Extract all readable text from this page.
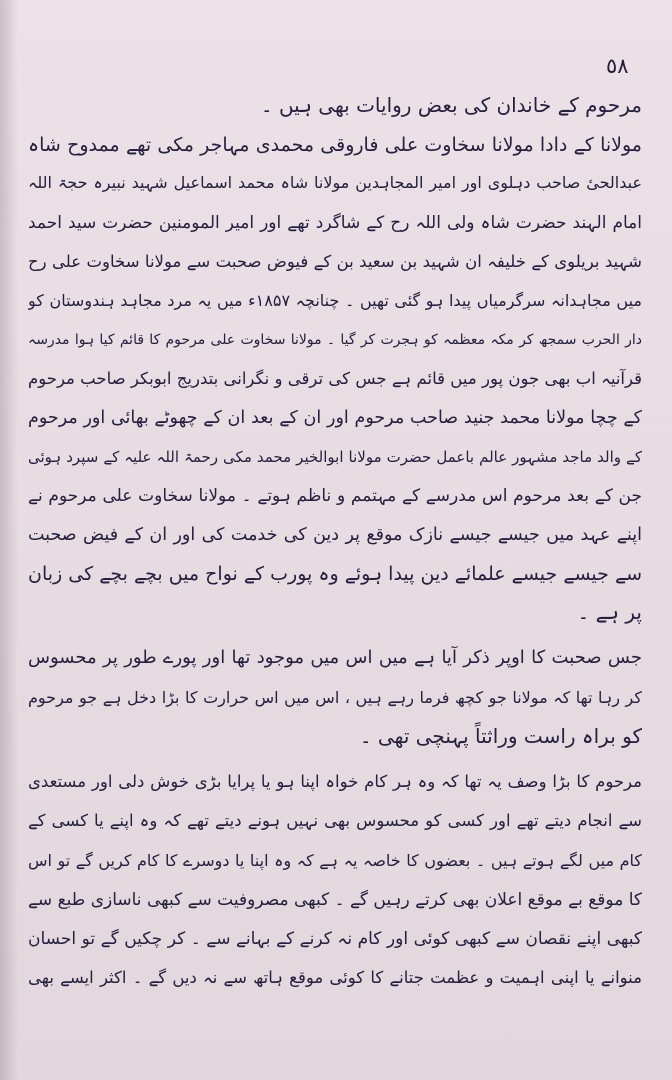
٥٨
مرحوم کے خاندان کی بعض روایات بھی ہیں ۔
مولانا کے دادا مولانا سخاوت علی فاروقی محمدی مہاجر مکی تھے ممدوح شاہ
عبدالحیٔ صاحب دہلوی اور امیر المجاہدین مولانا شاہ محمد اسماعیل شہید نبیرہ حجۃ اللہ
امام الہند حضرت شاہ ولی اللہ رح کے شاگرد تھے اور امیر المومنین حضرت سید احمد
شہید بریلوی کے خلیفہ ان شہید بن سعید بن کے فیوض صحبت سے مولانا سخاوت علی رح
میں مجاہدانہ سرگرمیاں پیدا ہو گئی تھیں ۔ چنانچہ ۱۸۵۷ء میں یہ مرد مجاہد ہندوستان کو
دار الحرب سمجھ کر مکہ معظمہ کو ہجرت کر گیا ۔ مولانا سخاوت علی مرحوم کا قائم کیا ہوا مدرسہ
قرآنیہ اب بھی جون پور میں قائم ہے جس کی ترقی و نگرانی بتدریج ابوبکر صاحب مرحوم
کے چچا مولانا محمد جنید صاحب مرحوم اور ان کے بعد ان کے چھوٹے بھائی اور مرحوم
کے والد ماجد مشہور عالم باعمل حضرت مولانا ابوالخیر محمد مکی رحمۃ اللہ علیہ کے سپرد ہوئی
جن کے بعد مرحوم اس مدرسے کے مہتمم و ناظم ہوتے ۔ مولانا سخاوت علی مرحوم نے
اپنے عہد میں جیسے جیسے نازک موقع پر دین کی خدمت کی اور ان کے فیض صحبت
سے جیسے جیسے علمائے دین پیدا ہوئے وہ پورب کے نواح میں بچے بچے کی زبان
پر ہے ۔
جس صحبت کا اوپر ذکر آیا ہے میں اس میں موجود تھا اور پورے طور پر محسوس
کر رہا تھا کہ مولانا جو کچھ فرما رہے ہیں ، اس میں اس حرارت کا بڑا دخل ہے جو مرحوم
کو براہ راست وراثتاً پہنچی تھی ۔
مرحوم کا بڑا وصف یہ تھا کہ وہ ہر کام خواہ اپنا ہو یا پرایا بڑی خوش دلی اور مستعدی
سے انجام دیتے تھے اور کسی کو محسوس بھی نہیں ہونے دیتے تھے کہ وہ اپنے یا کسی کے
کام میں لگے ہوتے ہیں ۔ بعضوں کا خاصہ یہ ہے کہ وہ اپنا یا دوسرے کا کام کریں گے تو اس
کا موقع بے موقع اعلان بھی کرتے رہیں گے ۔ کبھی مصروفیت سے کبھی ناسازی طبع سے
کبھی اپنے نقصان سے کبھی کوئی اور کام نہ کرنے کے بہانے سے ۔ کر چکیں گے تو احسان
منوانے یا اپنی اہمیت و عظمت جتانے کا کوئی موقع ہاتھ سے نہ دیں گے ۔ اکثر ایسے بھی
